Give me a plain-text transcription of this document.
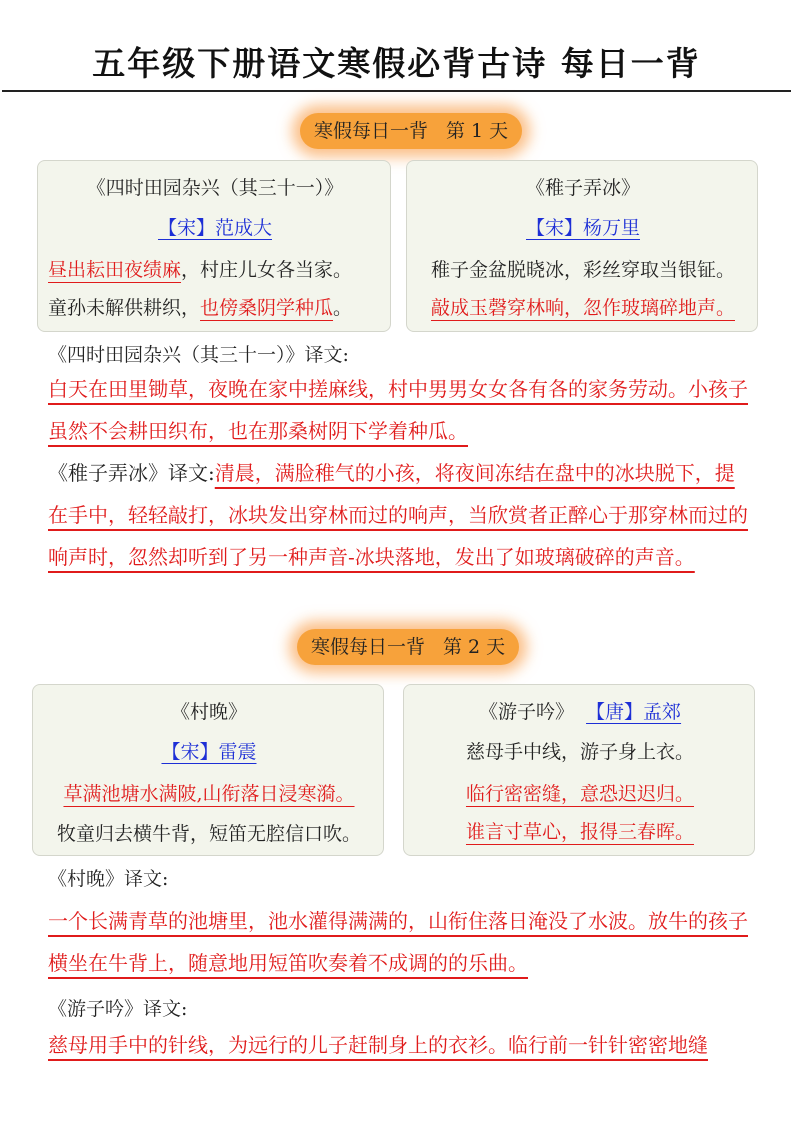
五年级下册语文寒假必背古诗 每日一背
寒假每日一背 第 1 天
《四时田园杂兴（其三十一）》
【宋】范成大
昼出耘田夜绩麻，村庄儿女各当家。
童孙未解供耕织，也傍桑阴学种瓜。
《稚子弄冰》
【宋】杨万里
稚子金盆脱晓冰，彩丝穿取当银钲。
敲成玉磬穿林响，忽作玻璃碎地声。
《四时田园杂兴（其三十一）》译文:
白天在田里锄草，夜晚在家中搓麻线，村中男男女女各有各的家务劳动。小孩子虽然不会耕田织布，也在那桑树阴下学着种瓜。
《稚子弄冰》译文:清晨，满脸稚气的小孩，将夜间冻结在盘中的冰块脱下，提在手中，轻轻敲打，冰块发出穿林而过的响声，当欣赏者正醉心于那穿林而过的响声时，忽然却听到了另一种声音-冰块落地，发出了如玻璃破碎的声音。
寒假每日一背 第 2 天
《村晚》
【宋】雷震
草满池塘水满陂,山衔落日浸寒漪。
牧童归去横牛背，短笛无腔信口吹。
《游子吟》 【唐】孟郊
慈母手中线，游子身上衣。
临行密密缝，意恐迟迟归。
谁言寸草心，报得三春晖。
《村晚》译文:
一个长满青草的池塘里，池水灌得满满的，山衔住落日淹没了水波。放牛的孩子横坐在牛背上，随意地用短笛吹奏着不成调的的乐曲。
《游子吟》译文:
慈母用手中的针线，为远行的儿子赶制身上的衣衫。临行前一针针密密地缝
